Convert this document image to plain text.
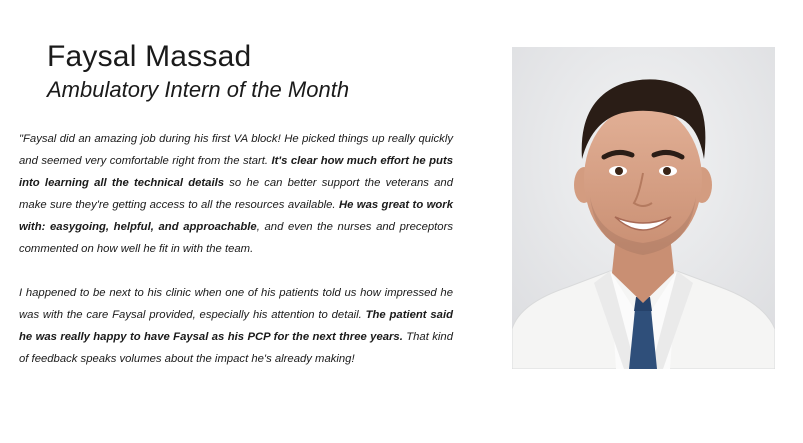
Faysal Massad
Ambulatory Intern of the Month

"Faysal did an amazing job during his first VA block! He picked things up really quickly and seemed very comfortable right from the start. It's clear how much effort he puts into learning all the technical details so he can better support the veterans and make sure they're getting access to all the resources available. He was great to work with: easygoing, helpful, and approachable, and even the nurses and preceptors commented on how well he fit in with the team.

I happened to be next to his clinic when one of his patients told us how impressed he was with the care Faysal provided, especially his attention to detail. The patient said he was really happy to have Faysal as his PCP for the next three years. That kind of feedback speaks volumes about the impact he's already making!
